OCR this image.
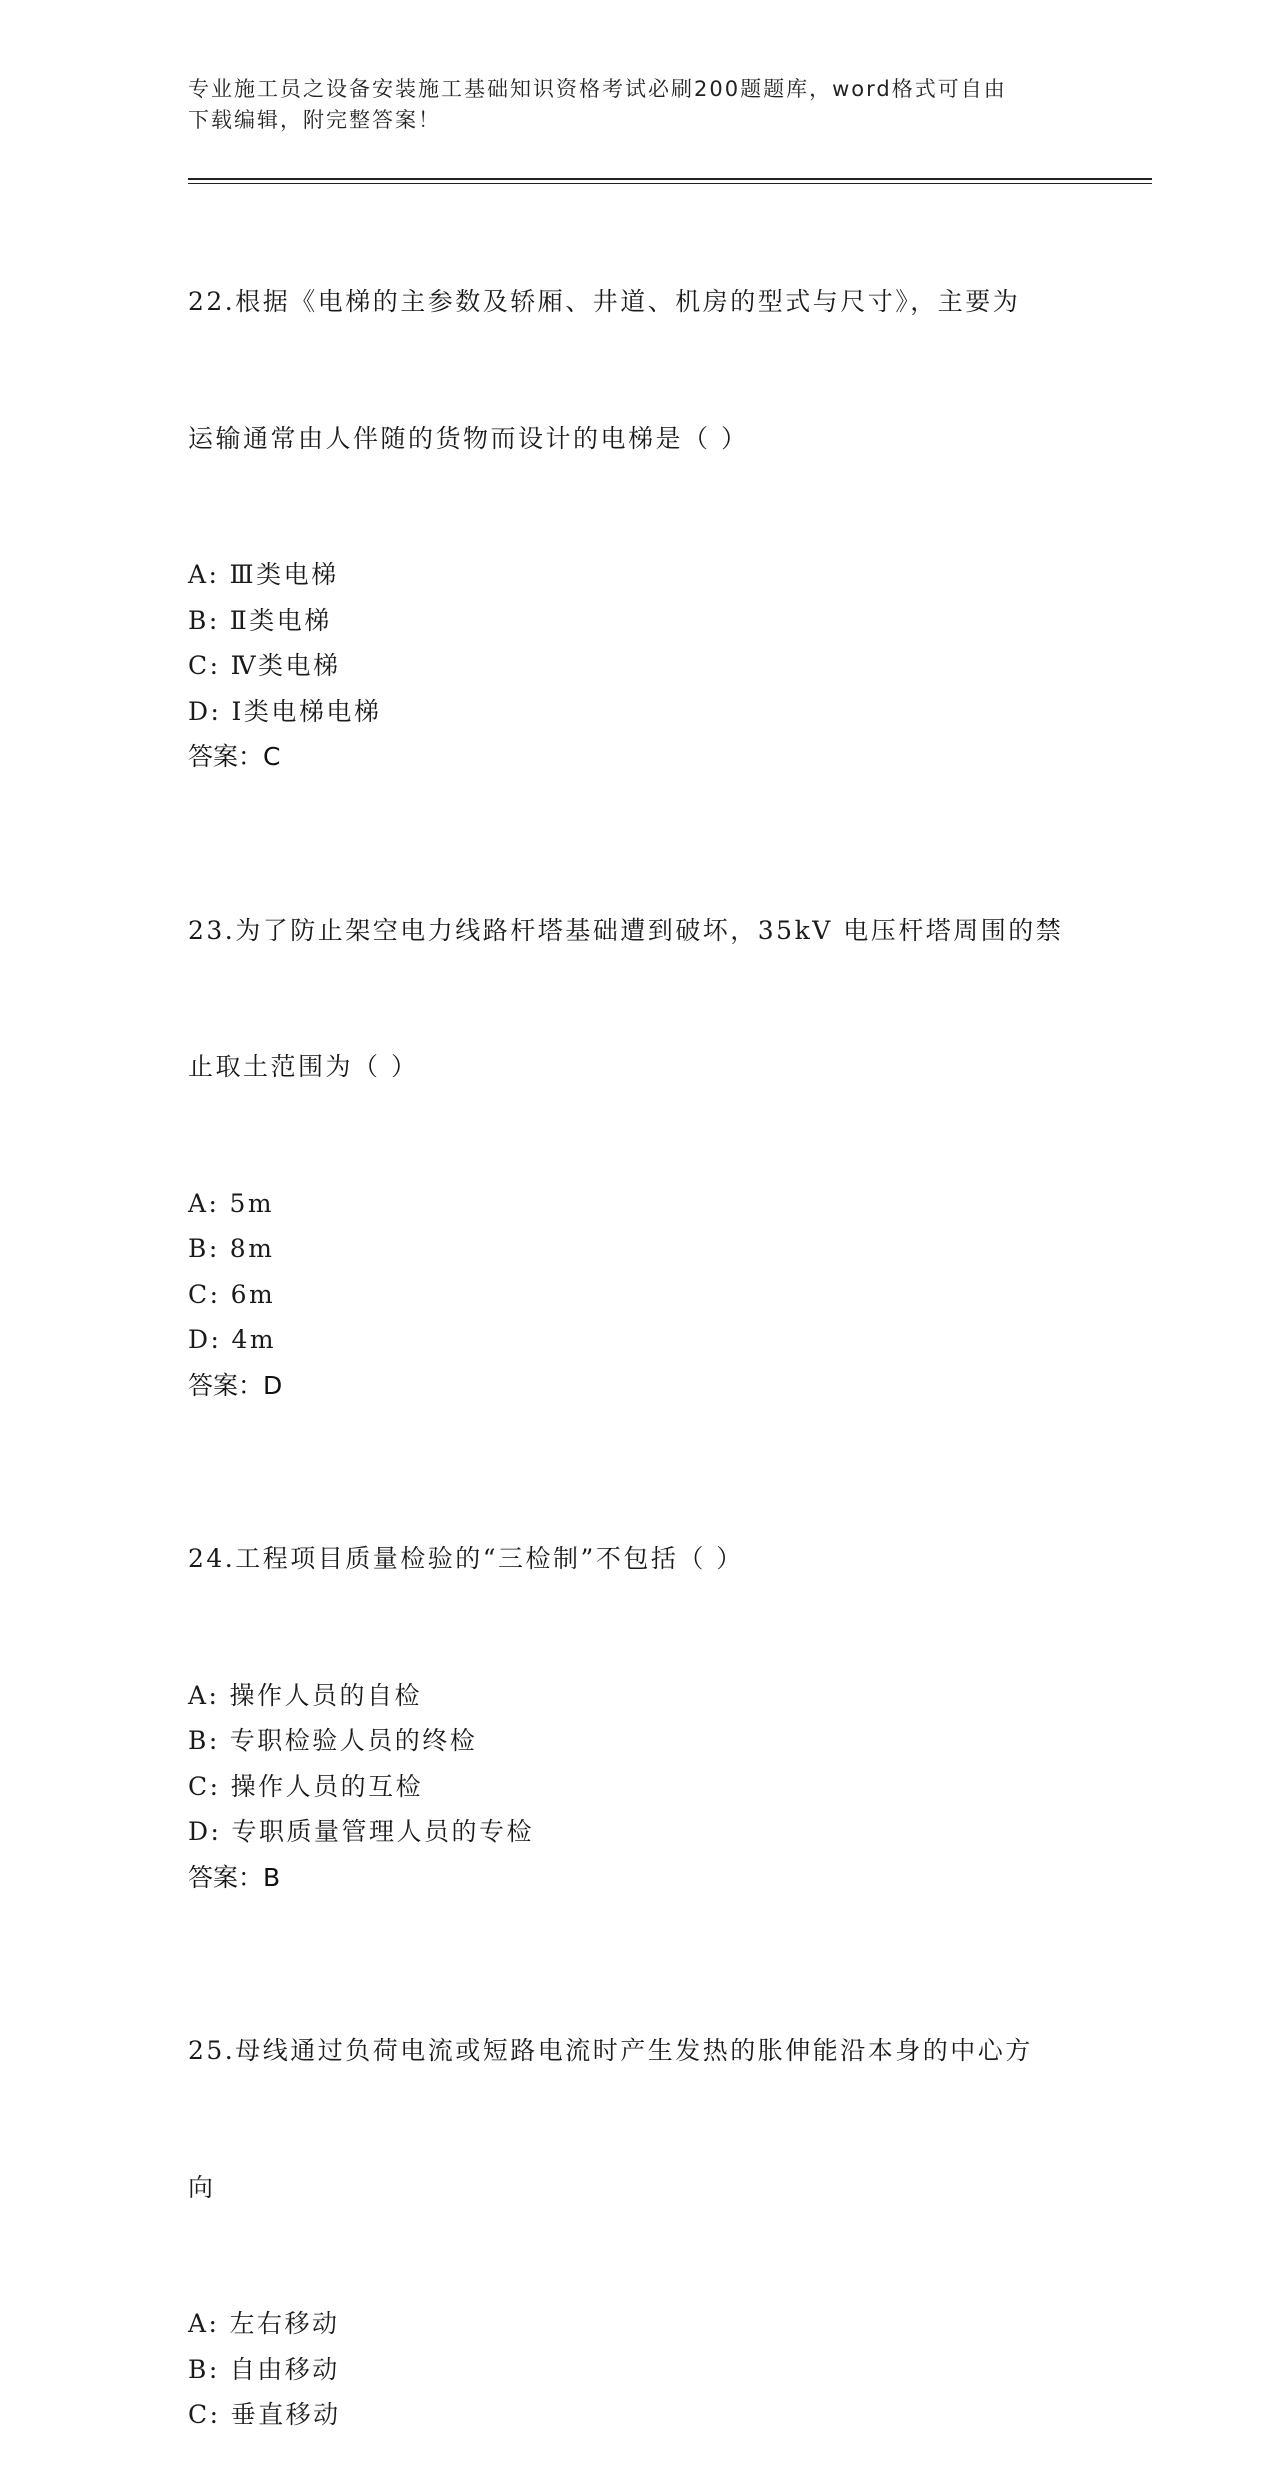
专业施工员之设备安装施工基础知识资格考试必刷200题题库，word格式可自由
下载编辑，附完整答案！

22.根据《电梯的主参数及轿厢、井道、机房的型式与尺寸》，主要为

运输通常由人伴随的货物而设计的电梯是（ ）

A: Ⅲ类电梯
B:Ⅱ类电梯
C: Ⅳ类电梯
D:Ⅰ类电梯电梯
答案：C

23.为了防止架空电力线路杆塔基础遭到破坏，35kV 电压杆塔周围的禁

止取土范围为（ ）

A: 5m
B: 8m
C: 6m
D: 4m
答案：D

24.工程项目质量检验的“三检制”不包括（ ）

A: 操作人员的自检
B: 专职检验人员的终检
C: 操作人员的互检
D: 专职质量管理人员的专检
答案：B

25.母线通过负荷电流或短路电流时产生发热的胀伸能沿本身的中心方

向

A: 左右移动
B: 自由移动
C: 垂直移动
